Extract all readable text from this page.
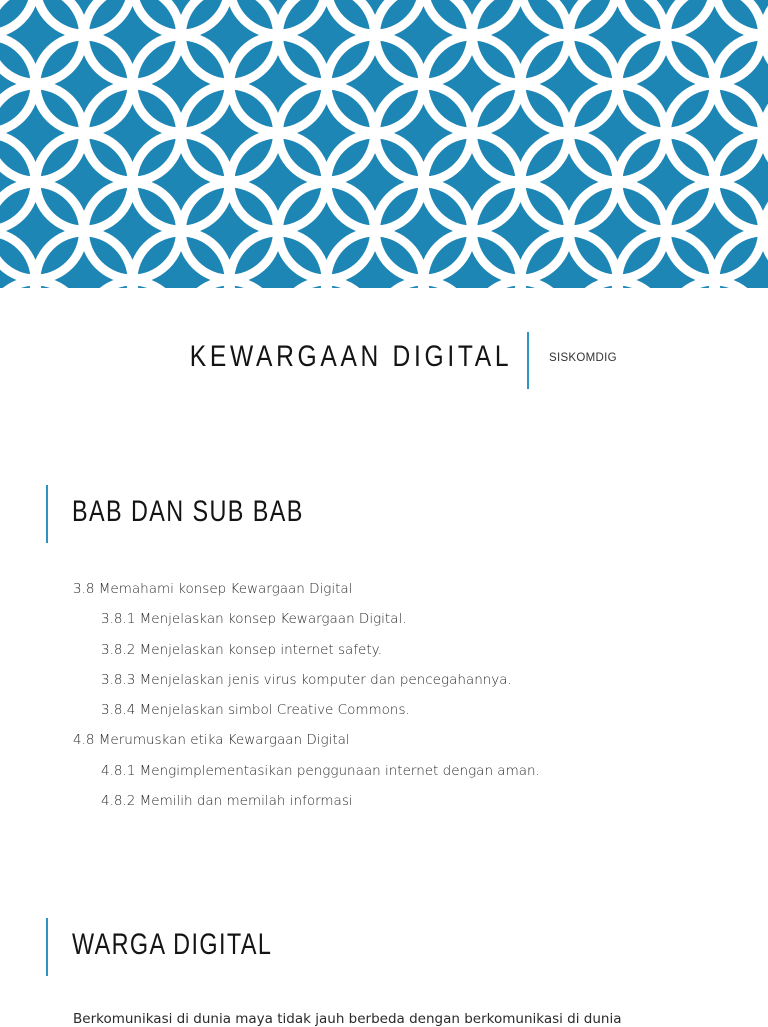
KEWARGAAN DIGITAL	SISKOMDIG
BAB DAN SUB BAB
3.8 Memahami konsep Kewargaan Digital
3.8.1 Menjelaskan konsep Kewargaan Digital.
3.8.2 Menjelaskan konsep internet safety.
3.8.3 Menjelaskan jenis virus komputer dan pencegahannya.
3.8.4 Menjelaskan simbol Creative Commons.
4.8 Merumuskan etika Kewargaan Digital
4.8.1 Mengimplementasikan penggunaan internet dengan aman.
4.8.2 Memilih dan memilah informasi
WARGA DIGITAL
Berkomunikasi di dunia maya tidak jauh berbeda dengan berkomunikasi di dunia
